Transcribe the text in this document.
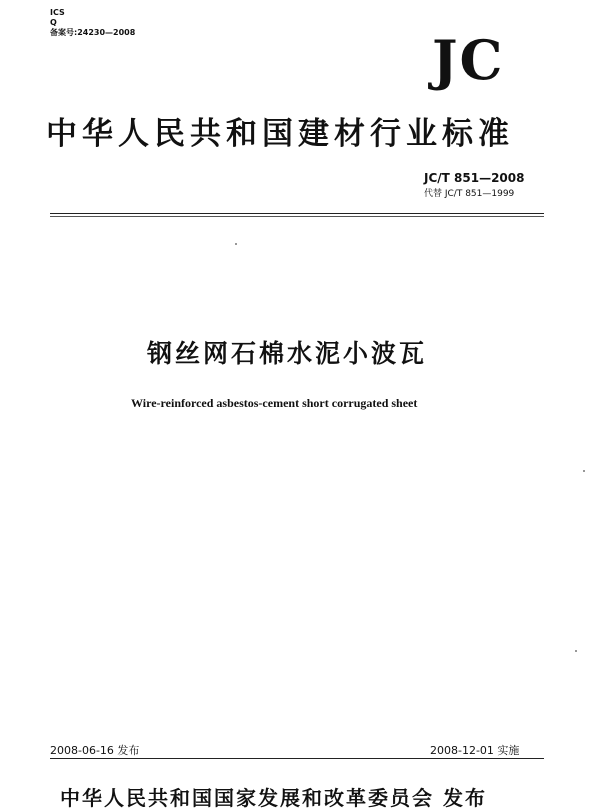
ICS
Q
备案号:24230—2008	JC
中华人民共和国建材行业标准
JC/T 851—2008
代替 JC/T 851—1999
钢丝网石棉水泥小波瓦
Wire-reinforced asbestos-cement short corrugated sheet
2008-06-16 发布	2008-12-01 实施
中华人民共和国国家发展和改革委员会 发布
